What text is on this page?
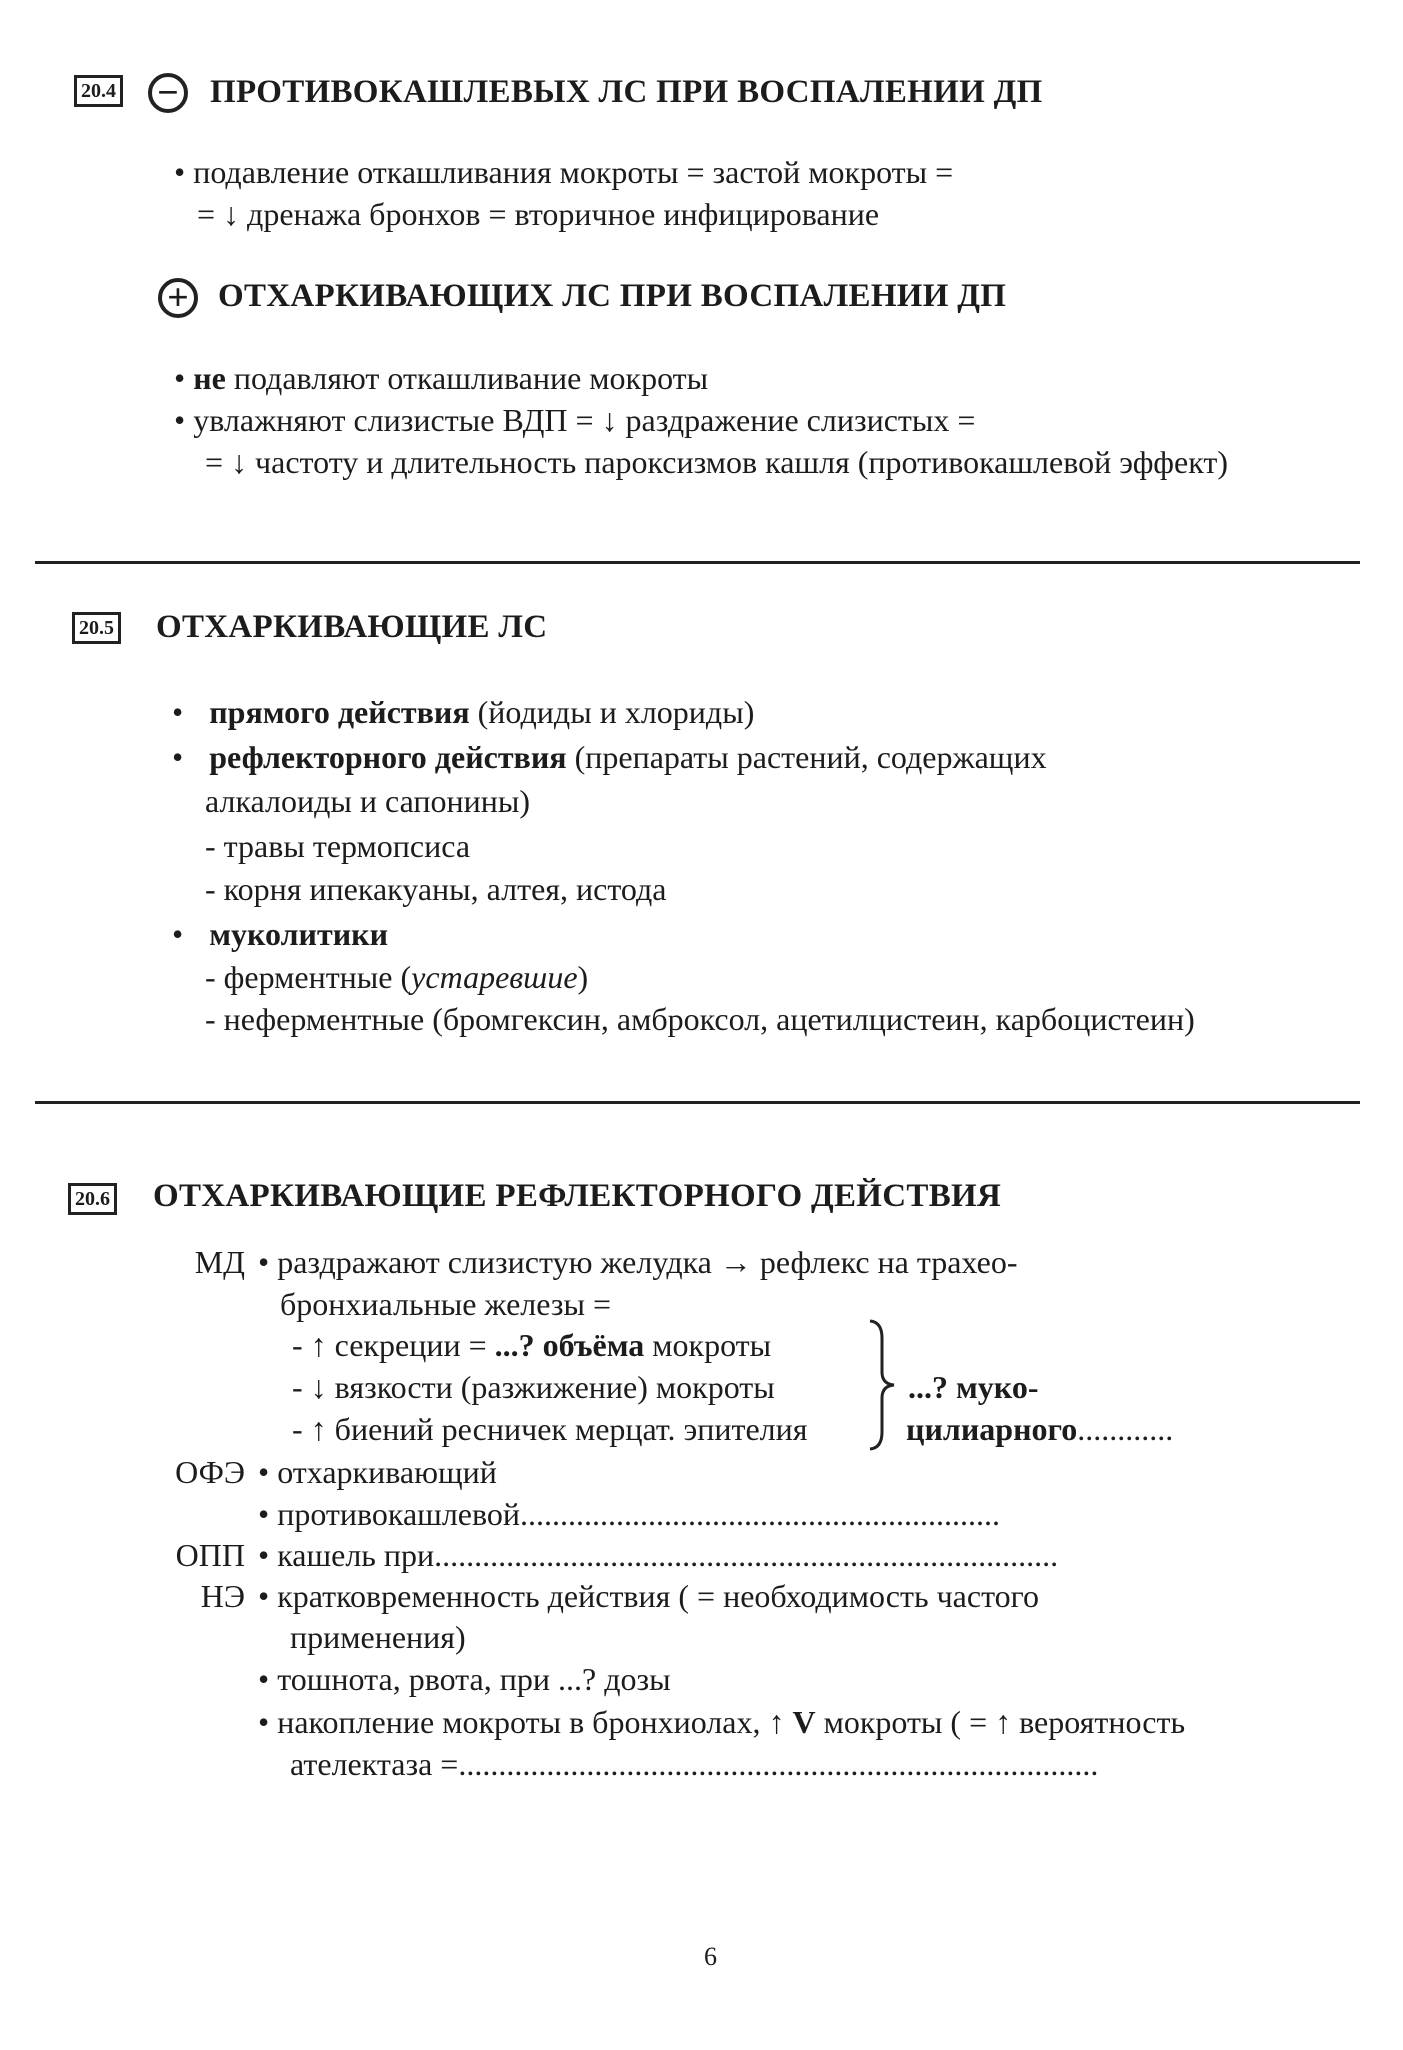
20.4 − ПРОТИВОКАШЛЕВЫХ ЛС ПРИ ВОСПАЛЕНИИ ДП
• подавление откашливания мокроты = застой мокроты =
= ↓ дренажа бронхов = вторичное инфицирование
+ ОТХАРКИВАЮЩИХ ЛС ПРИ ВОСПАЛЕНИИ ДП
• не подавляют откашливание мокроты
• увлажняют слизистые ВДП = ↓ раздражение слизистых =
= ↓ частоту и длительность пароксизмов кашля (противокашлевой эффект)
20.5 ОТХАРКИВАЮЩИЕ ЛС
• прямого действия (йодиды и хлориды)
• рефлекторного действия (препараты растений, содержащих
алкалоиды и сапонины)
- травы термопсиса
- корня ипекакуаны, алтея, истода
• муколитики
- ферментные (устаревшие)
- неферментные (бромгексин, амброксол, ацетилцистеин, карбоцистеин)
20.6 ОТХАРКИВАЮЩИЕ РЕФЛЕКТОРНОГО ДЕЙСТВИЯ
МД • раздражают слизистую желудка → рефлекс на трахео-
бронхиальные железы =
- ↑ секреции = ...? объёма мокроты
- ↓ вязкости (разжижение) мокроты
- ↑ биений ресничек мерцат. эпителия
...? муко-
цилиарного............
ОФЭ • отхаркивающий
• противокашлевой............................................................
ОПП • кашель при..............................................................................
НЭ • кратковременность действия ( = необходимость частого
применения)
• тошнота, рвота, при ...? дозы
• накопление мокроты в бронхиолах, ↑ V мокроты ( = ↑ вероятность
ателектаза =................................................................................
6
